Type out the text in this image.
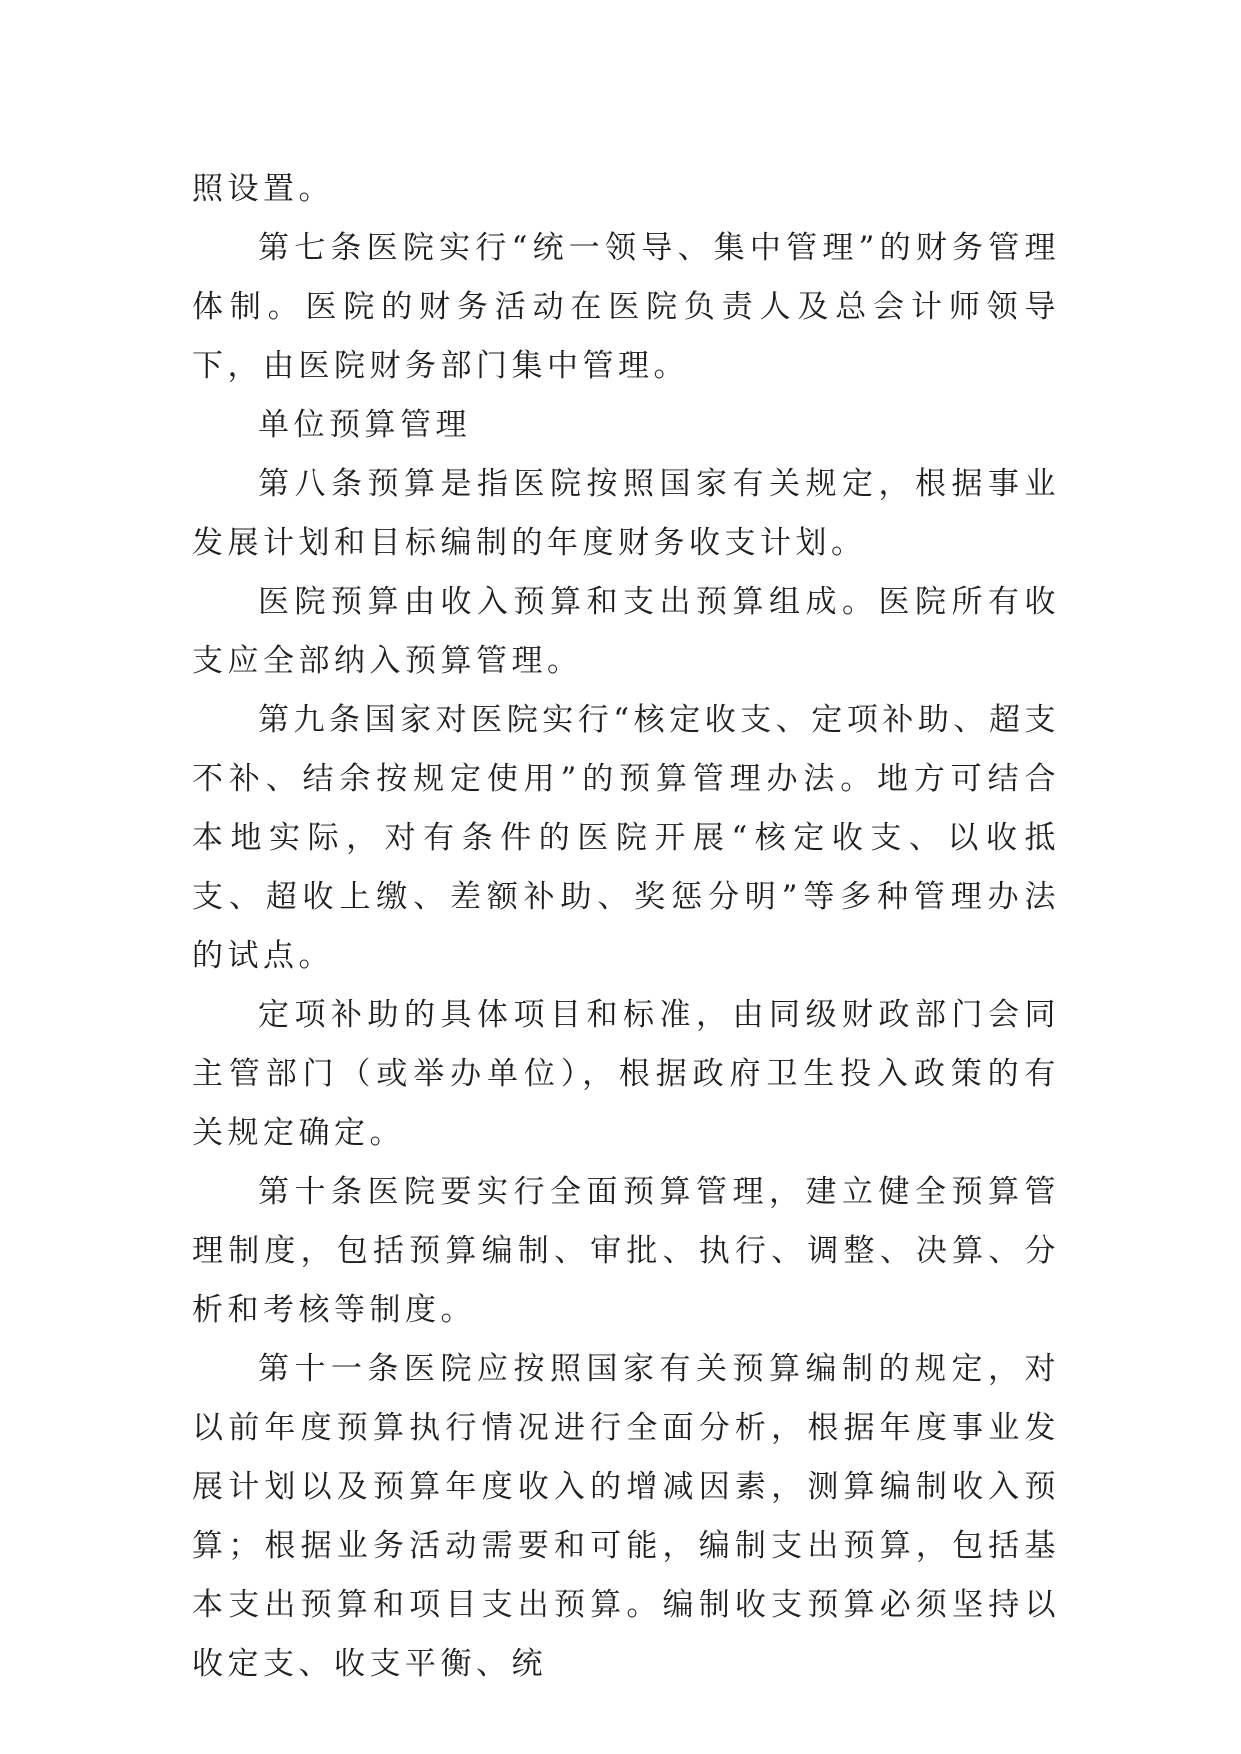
照设置。

第七条医院实行“统一领导、集中管理”的财务管理体制。医院的财务活动在医院负责人及总会计师领导下，由医院财务部门集中管理。

单位预算管理

第八条预算是指医院按照国家有关规定，根据事业发展计划和目标编制的年度财务收支计划。

医院预算由收入预算和支出预算组成。医院所有收支应全部纳入预算管理。

第九条国家对医院实行“核定收支、定项补助、超支不补、结余按规定使用”的预算管理办法。地方可结合本地实际，对有条件的医院开展“核定收支、以收抵支、超收上缴、差额补助、奖惩分明”等多种管理办法的试点。

定项补助的具体项目和标准，由同级财政部门会同主管部门（或举办单位），根据政府卫生投入政策的有关规定确定。

第十条医院要实行全面预算管理，建立健全预算管理制度，包括预算编制、审批、执行、调整、决算、分析和考核等制度。

第十一条医院应按照国家有关预算编制的规定，对以前年度预算执行情况进行全面分析，根据年度事业发展计划以及预算年度收入的增减因素，测算编制收入预算；根据业务活动需要和可能，编制支出预算，包括基本支出预算和项目支出预算。编制收支预算必须坚持以收定支、收支平衡、统
